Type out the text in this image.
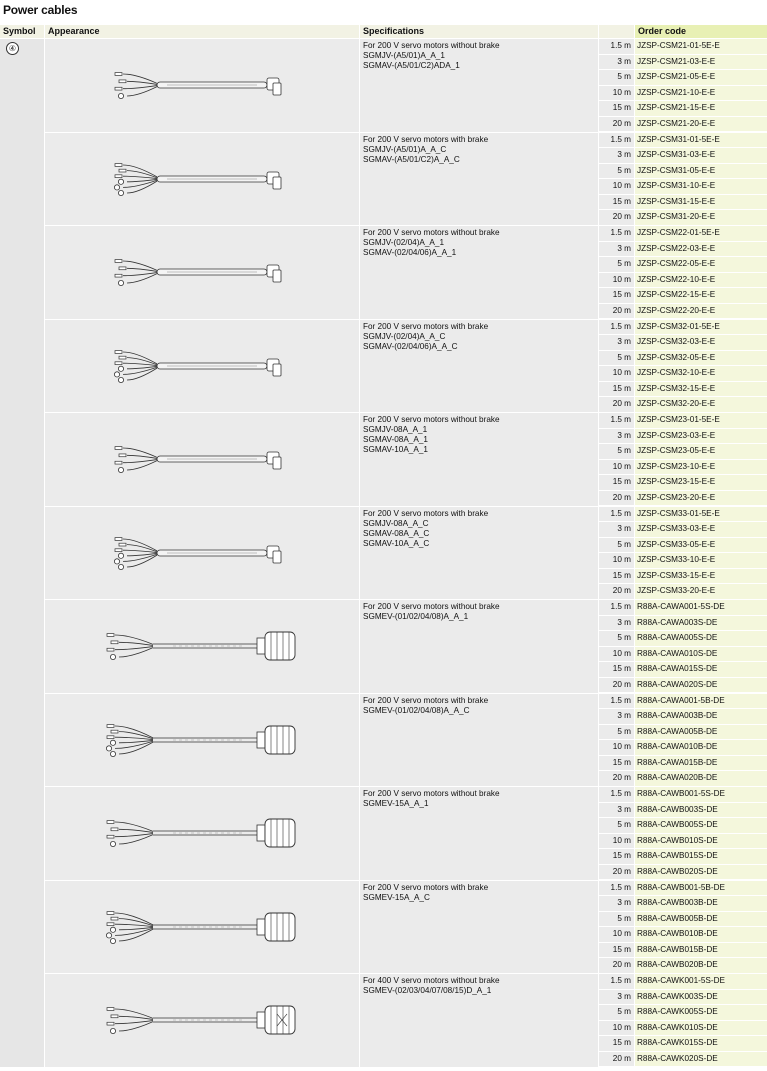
Power cables
Symbol	Appearance	Specifications	Order code
④	For 200 V servo motors without brake
SGMJV-(A5/01)A_A_1
SGMAV-(A5/01/C2)ADA_1
1.5 m JZSP-CSM21-01-5E-E
3 m JZSP-CSM21-03-E-E
5 m JZSP-CSM21-05-E-E
10 m JZSP-CSM21-10-E-E
15 m JZSP-CSM21-15-E-E
20 m JZSP-CSM21-20-E-E
For 200 V servo motors with brake
SGMJV-(A5/01)A_A_C
SGMAV-(A5/01/C2)A_A_C
1.5 m JZSP-CSM31-01-5E-E
3 m JZSP-CSM31-03-E-E
5 m JZSP-CSM31-05-E-E
10 m JZSP-CSM31-10-E-E
15 m JZSP-CSM31-15-E-E
20 m JZSP-CSM31-20-E-E
For 200 V servo motors without brake
SGMJV-(02/04)A_A_1
SGMAV-(02/04/06)A_A_1
1.5 m JZSP-CSM22-01-5E-E
3 m JZSP-CSM22-03-E-E
5 m JZSP-CSM22-05-E-E
10 m JZSP-CSM22-10-E-E
15 m JZSP-CSM22-15-E-E
20 m JZSP-CSM22-20-E-E
For 200 V servo motors with brake
SGMJV-(02/04)A_A_C
SGMAV-(02/04/06)A_A_C
1.5 m JZSP-CSM32-01-5E-E
3 m JZSP-CSM32-03-E-E
5 m JZSP-CSM32-05-E-E
10 m JZSP-CSM32-10-E-E
15 m JZSP-CSM32-15-E-E
20 m JZSP-CSM32-20-E-E
For 200 V servo motors without brake
SGMJV-08A_A_1
SGMAV-08A_A_1
SGMAV-10A_A_1
1.5 m JZSP-CSM23-01-5E-E
3 m JZSP-CSM23-03-E-E
5 m JZSP-CSM23-05-E-E
10 m JZSP-CSM23-10-E-E
15 m JZSP-CSM23-15-E-E
20 m JZSP-CSM23-20-E-E
For 200 V servo motors with brake
SGMJV-08A_A_C
SGMAV-08A_A_C
SGMAV-10A_A_C
1.5 m JZSP-CSM33-01-5E-E
3 m JZSP-CSM33-03-E-E
5 m JZSP-CSM33-05-E-E
10 m JZSP-CSM33-10-E-E
15 m JZSP-CSM33-15-E-E
20 m JZSP-CSM33-20-E-E
For 200 V servo motors without brake
SGMEV-(01/02/04/08)A_A_1
1.5 m R88A-CAWA001-5S-DE
3 m R88A-CAWA003S-DE
5 m R88A-CAWA005S-DE
10 m R88A-CAWA010S-DE
15 m R88A-CAWA015S-DE
20 m R88A-CAWA020S-DE
For 200 V servo motors with brake
SGMEV-(01/02/04/08)A_A_C
1.5 m R88A-CAWA001-5B-DE
3 m R88A-CAWA003B-DE
5 m R88A-CAWA005B-DE
10 m R88A-CAWA010B-DE
15 m R88A-CAWA015B-DE
20 m R88A-CAWA020B-DE
For 200 V servo motors without brake
SGMEV-15A_A_1
1.5 m R88A-CAWB001-5S-DE
3 m R88A-CAWB003S-DE
5 m R88A-CAWB005S-DE
10 m R88A-CAWB010S-DE
15 m R88A-CAWB015S-DE
20 m R88A-CAWB020S-DE
For 200 V servo motors with brake
SGMEV-15A_A_C
1.5 m R88A-CAWB001-5B-DE
3 m R88A-CAWB003B-DE
5 m R88A-CAWB005B-DE
10 m R88A-CAWB010B-DE
15 m R88A-CAWB015B-DE
20 m R88A-CAWB020B-DE
For 400 V servo motors without brake
SGMEV-(02/03/04/07/08/15)D_A_1
1.5 m R88A-CAWK001-5S-DE
3 m R88A-CAWK003S-DE
5 m R88A-CAWK005S-DE
10 m R88A-CAWK010S-DE
15 m R88A-CAWK015S-DE
20 m R88A-CAWK020S-DE
